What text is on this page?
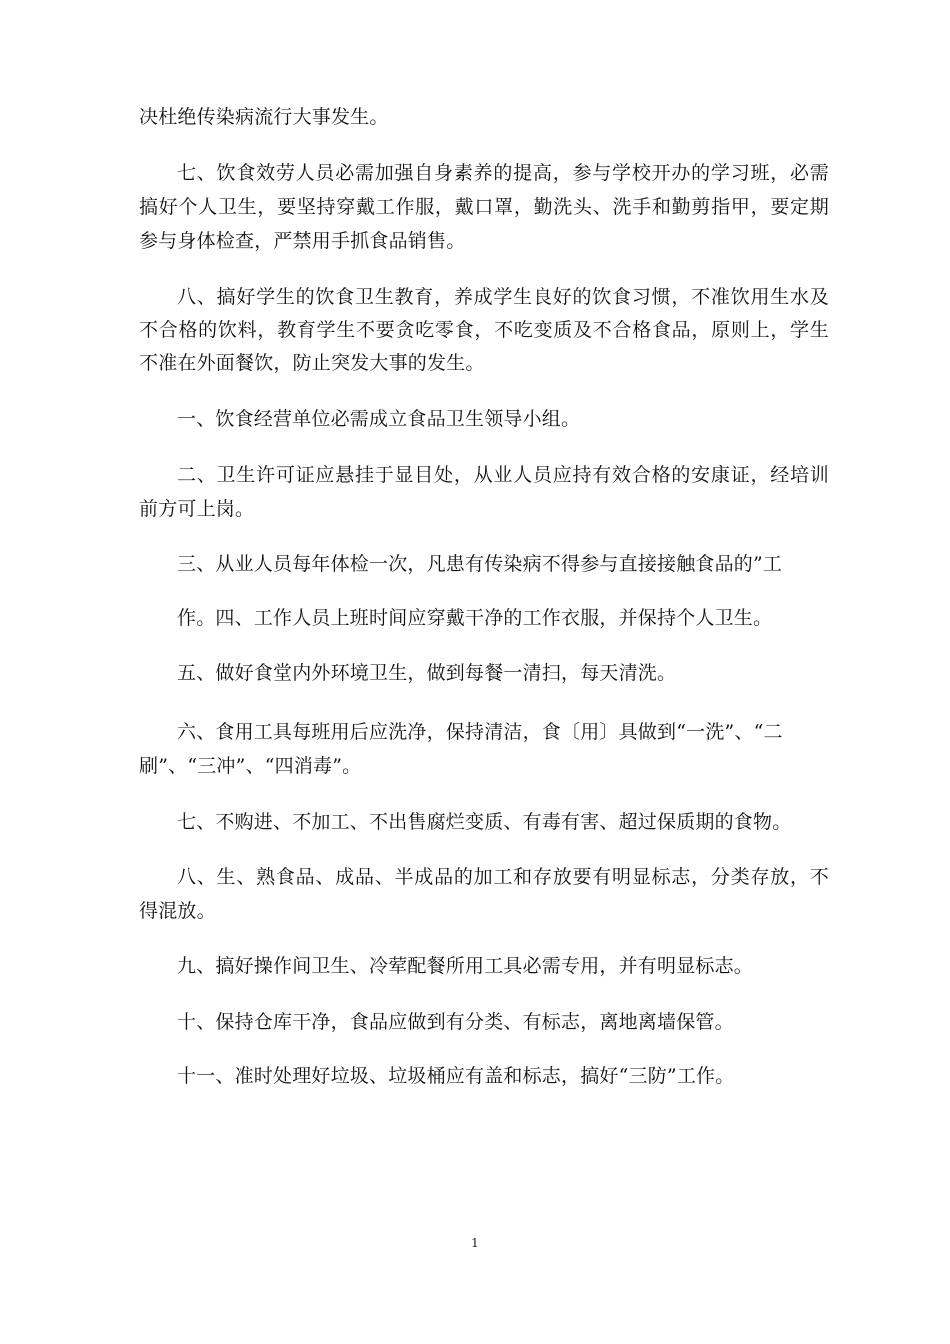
决杜绝传染病流行大事发生。
七、饮食效劳人员必需加强自身素养的提高，参与学校开办的学习班，必需
搞好个人卫生，要坚持穿戴工作服，戴口罩，勤洗头、洗手和勤剪指甲，要定期
参与身体检查，严禁用手抓食品销售。
八、搞好学生的饮食卫生教育，养成学生良好的饮食习惯，不准饮用生水及
不合格的饮料，教育学生不要贪吃零食，不吃变质及不合格食品，原则上，学生
不准在外面餐饮，防止突发大事的发生。
一、饮食经营单位必需成立食品卫生领导小组。
二、卫生许可证应悬挂于显目处，从业人员应持有效合格的安康证，经培训
前方可上岗。
三、从业人员每年体检一次，凡患有传染病不得参与直接接触食品的”工
作。四、工作人员上班时间应穿戴干净的工作衣服，并保持个人卫生。
五、做好食堂内外环境卫生，做到每餐一清扫，每天清洗。
六、食用工具每班用后应洗净，保持清洁，食〔用〕具做到“一洗”、“二
刷”、“三冲”、“四消毒”。
七、不购进、不加工、不出售腐烂变质、有毒有害、超过保质期的食物。
八、生、熟食品、成品、半成品的加工和存放要有明显标志，分类存放，不
得混放。
九、搞好操作间卫生、冷荤配餐所用工具必需专用，并有明显标志。
十、保持仓库干净，食品应做到有分类、有标志，离地离墙保管。
十一、准时处理好垃圾、垃圾桶应有盖和标志，搞好“三防”工作。
1
